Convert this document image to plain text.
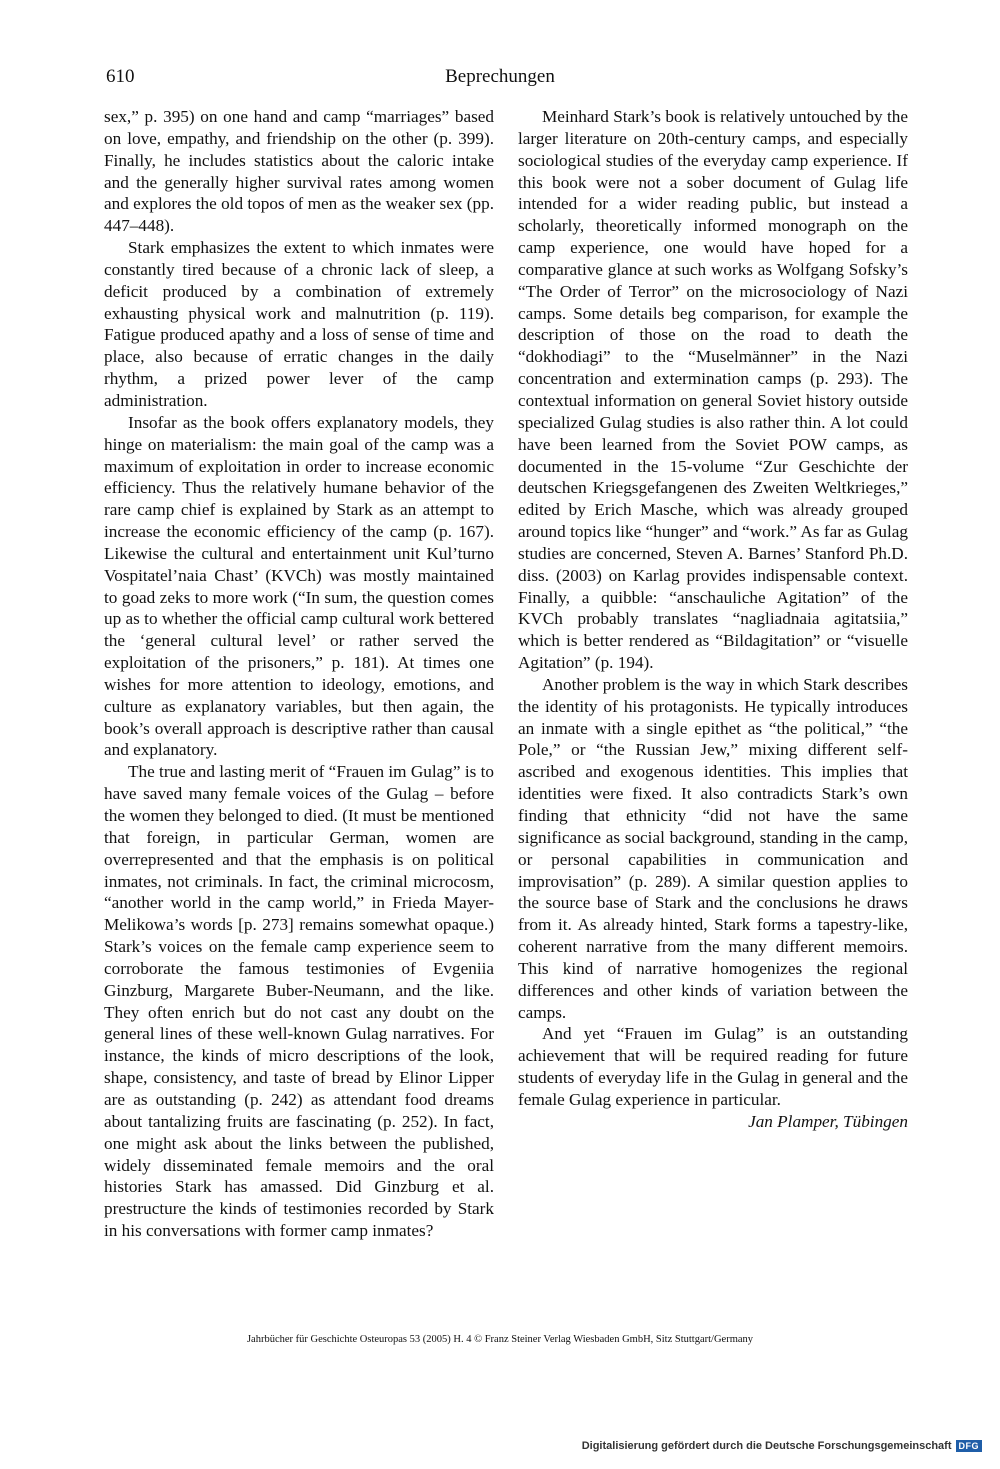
610	Beprechungen

sex,” p. 395) on one hand and camp “marriages” based on love, empathy, and friendship on the other (p. 399). Finally, he includes statistics about the caloric intake and the generally higher survival rates among women and explores the old topos of men as the weaker sex (pp. 447–448).

Stark emphasizes the extent to which inmates were constantly tired because of a chronic lack of sleep, a deficit produced by a combination of extremely exhausting physical work and malnutrition (p. 119). Fatigue produced apathy and a loss of sense of time and place, also because of erratic changes in the daily rhythm, a prized power lever of the camp administration.

Insofar as the book offers explanatory models, they hinge on materialism: the main goal of the camp was a maximum of exploitation in order to increase economic efficiency. Thus the relatively humane behavior of the rare camp chief is explained by Stark as an attempt to increase the economic efficiency of the camp (p. 167). Likewise the cultural and entertainment unit Kul’turno Vospitatel’naia Chast’ (KVCh) was mostly maintained to goad zeks to more work (“In sum, the question comes up as to whether the official camp cultural work bettered the ‘general cultural level’ or rather served the exploitation of the prisoners,” p. 181). At times one wishes for more attention to ideology, emotions, and culture as explanatory variables, but then again, the book’s overall approach is descriptive rather than causal and explanatory.

The true and lasting merit of “Frauen im Gulag” is to have saved many female voices of the Gulag – before the women they belonged to died. (It must be mentioned that foreign, in particular German, women are overrepresented and that the emphasis is on political inmates, not criminals. In fact, the criminal microcosm, “another world in the camp world,” in Frieda Mayer-Melikowa’s words [p. 273] remains somewhat opaque.) Stark’s voices on the female camp experience seem to corroborate the famous testimonies of Evgeniia Ginzburg, Margarete Buber-Neumann, and the like. They often enrich but do not cast any doubt on the general lines of these well-known Gulag narratives. For instance, the kinds of micro descriptions of the look, shape, consistency, and taste of bread by Elinor Lipper are as outstanding (p. 242) as attendant food dreams about tantalizing fruits are fascinating (p. 252). In fact, one might ask about the links between the published, widely disseminated female memoirs and the oral histories Stark has amassed. Did Ginzburg et al. prestructure the kinds of testimonies recorded by Stark in his conversations with former camp inmates?

Meinhard Stark’s book is relatively untouched by the larger literature on 20th-century camps, and especially sociological studies of the everyday camp experience. If this book were not a sober document of Gulag life intended for a wider reading public, but instead a scholarly, theoretically informed monograph on the camp experience, one would have hoped for a comparative glance at such works as Wolfgang Sofsky’s “The Order of Terror” on the microsociology of Nazi camps. Some details beg comparison, for example the description of those on the road to death the “dokhodiagi” to the “Muselmänner” in the Nazi concentration and extermination camps (p. 293). The contextual information on general Soviet history outside specialized Gulag studies is also rather thin. A lot could have been learned from the Soviet POW camps, as documented in the 15-volume “Zur Geschichte der deutschen Kriegsgefangenen des Zweiten Weltkrieges,” edited by Erich Masche, which was already grouped around topics like “hunger” and “work.” As far as Gulag studies are concerned, Steven A. Barnes’ Stanford Ph.D. diss. (2003) on Karlag provides indispensable context. Finally, a quibble: “anschauliche Agitation” of the KVCh probably translates “nagliadnaia agitatsiia,” which is better rendered as “Bildagitation” or “visuelle Agitation” (p. 194).

Another problem is the way in which Stark describes the identity of his protagonists. He typically introduces an inmate with a single epithet as “the political,” “the Pole,” or “the Russian Jew,” mixing different self-ascribed and exogenous identities. This implies that identities were fixed. It also contradicts Stark’s own finding that ethnicity “did not have the same significance as social background, standing in the camp, or personal capabilities in communication and improvisation” (p. 289). A similar question applies to the source base of Stark and the conclusions he draws from it. As already hinted, Stark forms a tapestry-like, coherent narrative from the many different memoirs. This kind of narrative homogenizes the regional differences and other kinds of variation between the camps.

And yet “Frauen im Gulag” is an outstanding achievement that will be required reading for future students of everyday life in the Gulag in general and the female Gulag experience in particular.

Jan Plamper, Tübingen

Jahrbücher für Geschichte Osteuropas 53 (2005) H. 4 © Franz Steiner Verlag Wiesbaden GmbH, Sitz Stuttgart/Germany
Digitalisierung gefördert durch die Deutsche Forschungsgemeinschaft DFG
